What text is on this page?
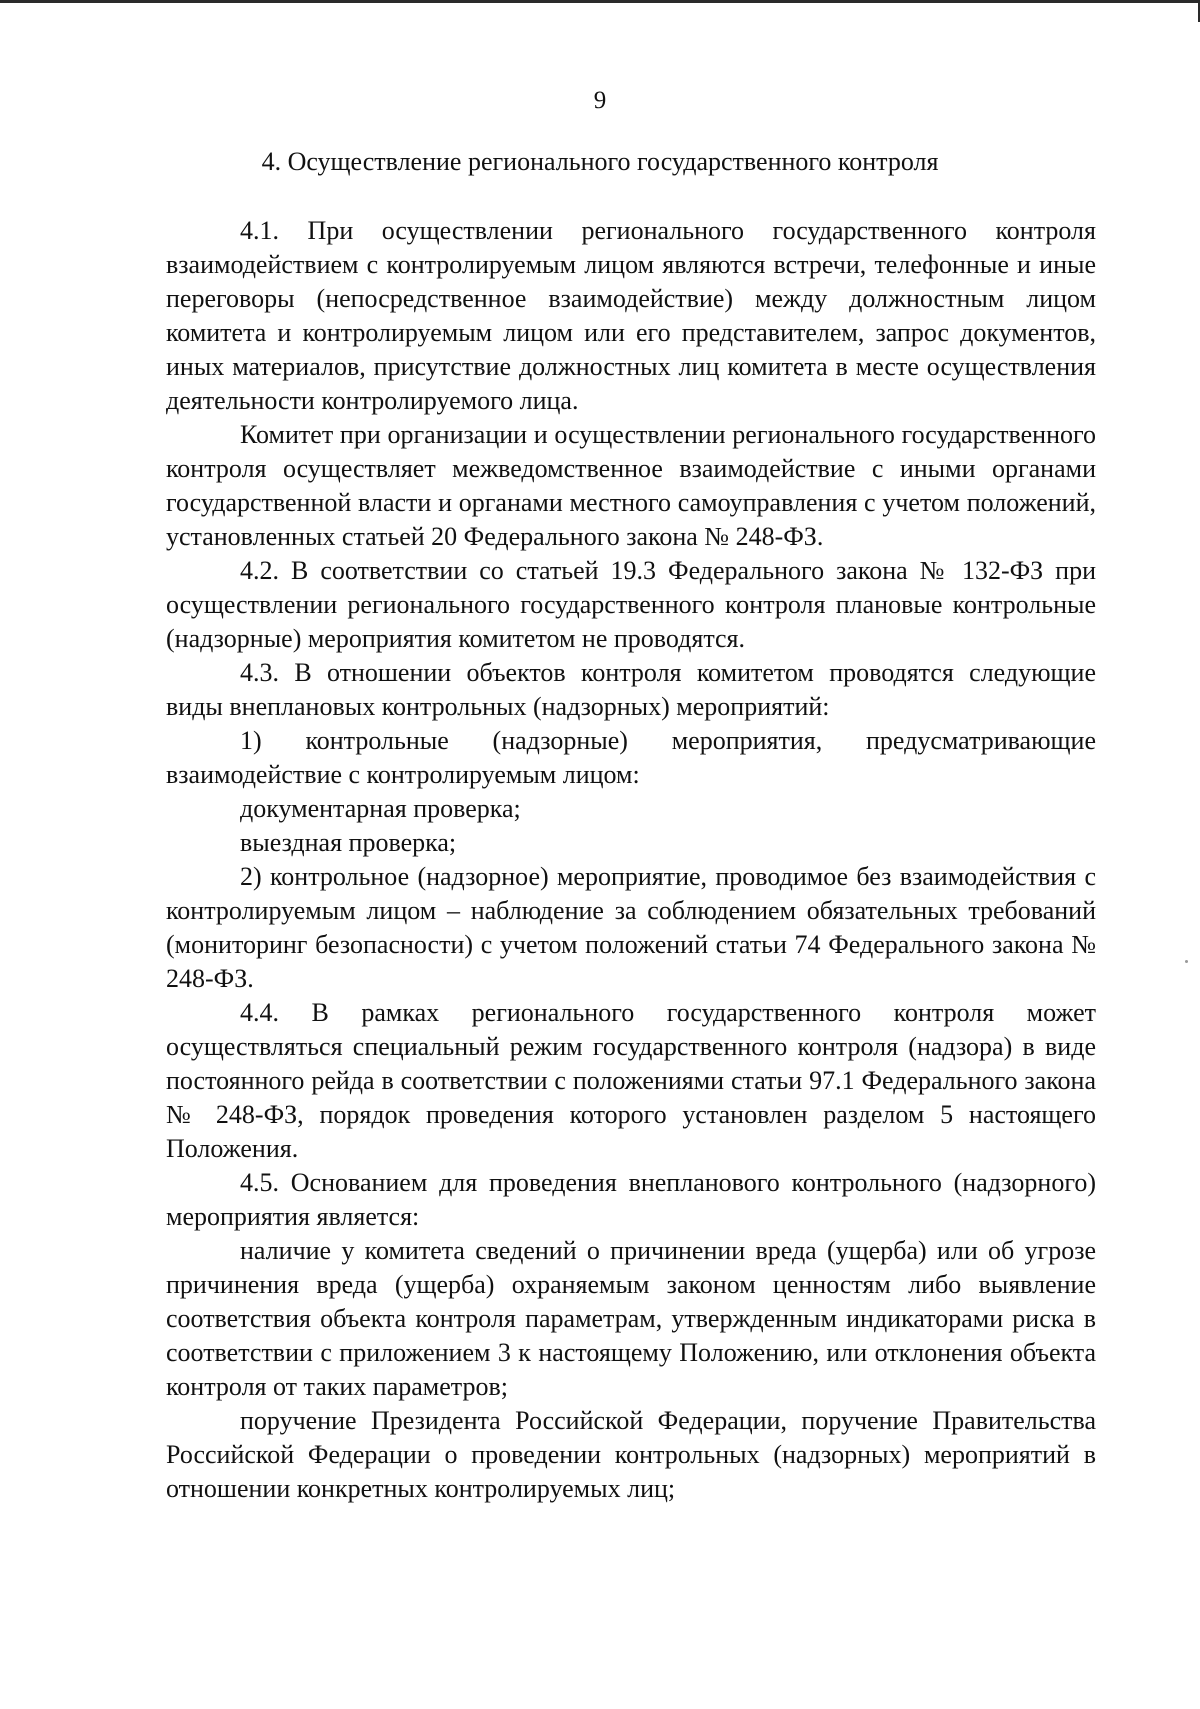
9
4. Осуществление регионального государственного контроля

4.1. При осуществлении регионального государственного контроля взаимодействием с контролируемым лицом являются встречи, телефонные и иные переговоры (непосредственное взаимодействие) между должностным лицом комитета и контролируемым лицом или его представителем, запрос документов, иных материалов, присутствие должностных лиц комитета в месте осуществления деятельности контролируемого лица.

Комитет при организации и осуществлении регионального государственного контроля осуществляет межведомственное взаимодействие с иными органами государственной власти и органами местного самоуправления с учетом положений, установленных статьей 20 Федерального закона № 248-ФЗ.

4.2. В соответствии со статьей 19.3 Федерального закона № 132-ФЗ при осуществлении регионального государственного контроля плановые контрольные (надзорные) мероприятия комитетом не проводятся.

4.3. В отношении объектов контроля комитетом проводятся следующие виды внеплановых контрольных (надзорных) мероприятий:

1) контрольные (надзорные) мероприятия, предусматривающие взаимодействие с контролируемым лицом:

документарная проверка;

выездная проверка;

2) контрольное (надзорное) мероприятие, проводимое без взаимодействия с контролируемым лицом – наблюдение за соблюдением обязательных требований (мониторинг безопасности) с учетом положений статьи 74 Федерального закона № 248-ФЗ.

4.4. В рамках регионального государственного контроля может осуществляться специальный режим государственного контроля (надзора) в виде постоянного рейда в соответствии с положениями статьи 97.1 Федерального закона № 248-ФЗ, порядок проведения которого установлен разделом 5 настоящего Положения.

4.5. Основанием для проведения внепланового контрольного (надзорного) мероприятия является:

наличие у комитета сведений о причинении вреда (ущерба) или об угрозе причинения вреда (ущерба) охраняемым законом ценностям либо выявление соответствия объекта контроля параметрам, утвержденным индикаторами риска в соответствии с приложением 3 к настоящему Положению, или отклонения объекта контроля от таких параметров;

поручение Президента Российской Федерации, поручение Правительства Российской Федерации о проведении контрольных (надзорных) мероприятий в отношении конкретных контролируемых лиц;
